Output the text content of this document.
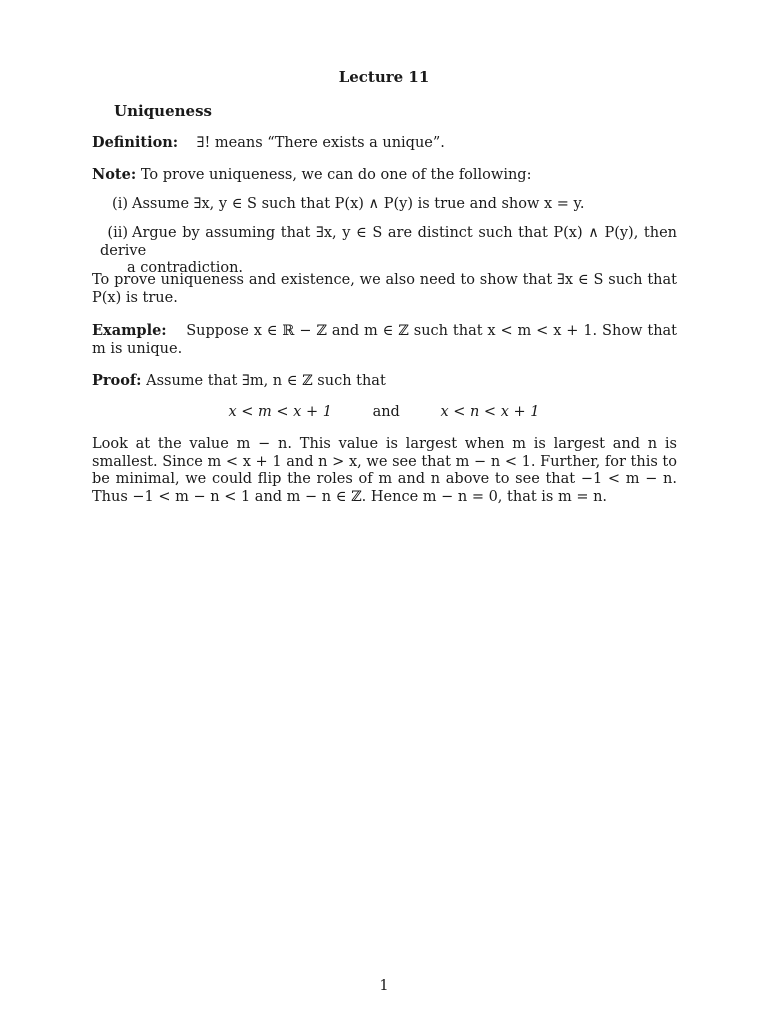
Lecture 11
Uniqueness
Definition: ∃! means “There exists a unique”.
Note: To prove uniqueness, we can do one of the following:
(i) Assume ∃x, y ∈ S such that P(x) ∧ P(y) is true and show x = y.
(ii) Argue by assuming that ∃x, y ∈ S are distinct such that P(x) ∧ P(y), then derive
a contradiction.
To prove uniqueness and existence, we also need to show that ∃x ∈ S such that P(x) is true.
Example: Suppose x ∈ ℝ − ℤ and m ∈ ℤ such that x < m < x + 1. Show that m is unique.
Proof: Assume that ∃m, n ∈ ℤ such that
x < m < x + 1	and	x < n < x + 1
Look at the value m − n. This value is largest when m is largest and n is smallest. Since m < x + 1 and n > x, we see that m − n < 1. Further, for this to be minimal, we could flip the roles of m and n above to see that −1 < m − n. Thus −1 < m − n < 1 and m − n ∈ ℤ. Hence m − n = 0, that is m = n.
1
